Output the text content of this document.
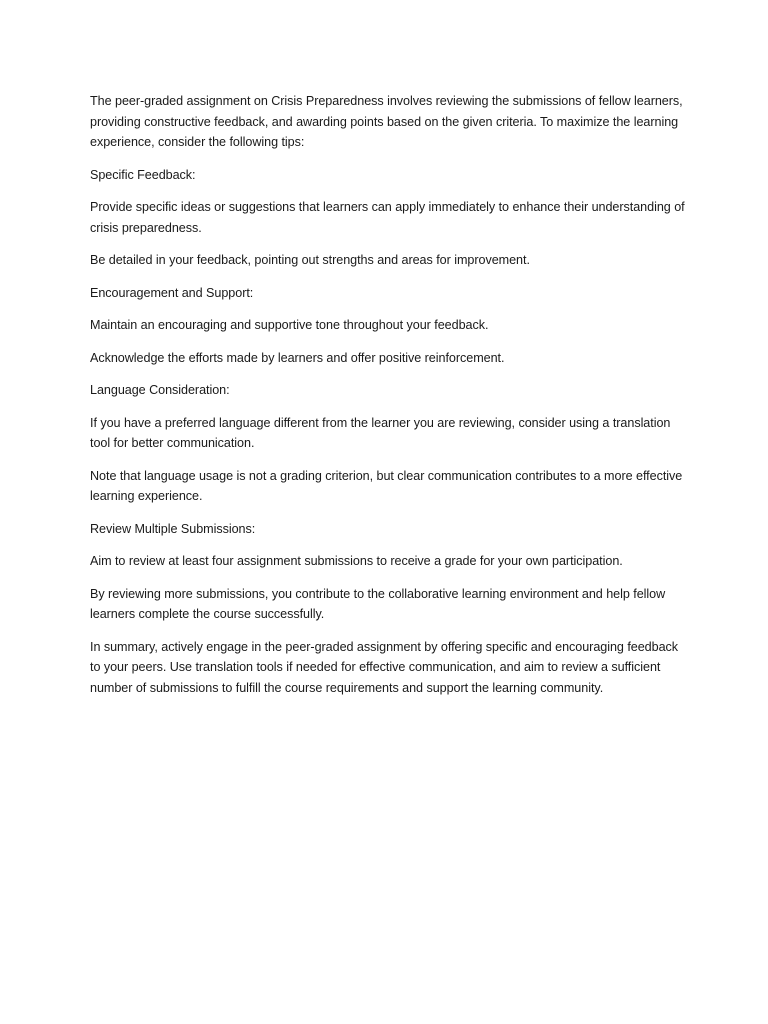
The peer-graded assignment on Crisis Preparedness involves reviewing the submissions of fellow learners, providing constructive feedback, and awarding points based on the given criteria. To maximize the learning experience, consider the following tips:

Specific Feedback:

Provide specific ideas or suggestions that learners can apply immediately to enhance their understanding of crisis preparedness.

Be detailed in your feedback, pointing out strengths and areas for improvement.

Encouragement and Support:

Maintain an encouraging and supportive tone throughout your feedback.

Acknowledge the efforts made by learners and offer positive reinforcement.

Language Consideration:

If you have a preferred language different from the learner you are reviewing, consider using a translation tool for better communication.

Note that language usage is not a grading criterion, but clear communication contributes to a more effective learning experience.

Review Multiple Submissions:

Aim to review at least four assignment submissions to receive a grade for your own participation.

By reviewing more submissions, you contribute to the collaborative learning environment and help fellow learners complete the course successfully.

In summary, actively engage in the peer-graded assignment by offering specific and encouraging feedback to your peers. Use translation tools if needed for effective communication, and aim to review a sufficient number of submissions to fulfill the course requirements and support the learning community.
